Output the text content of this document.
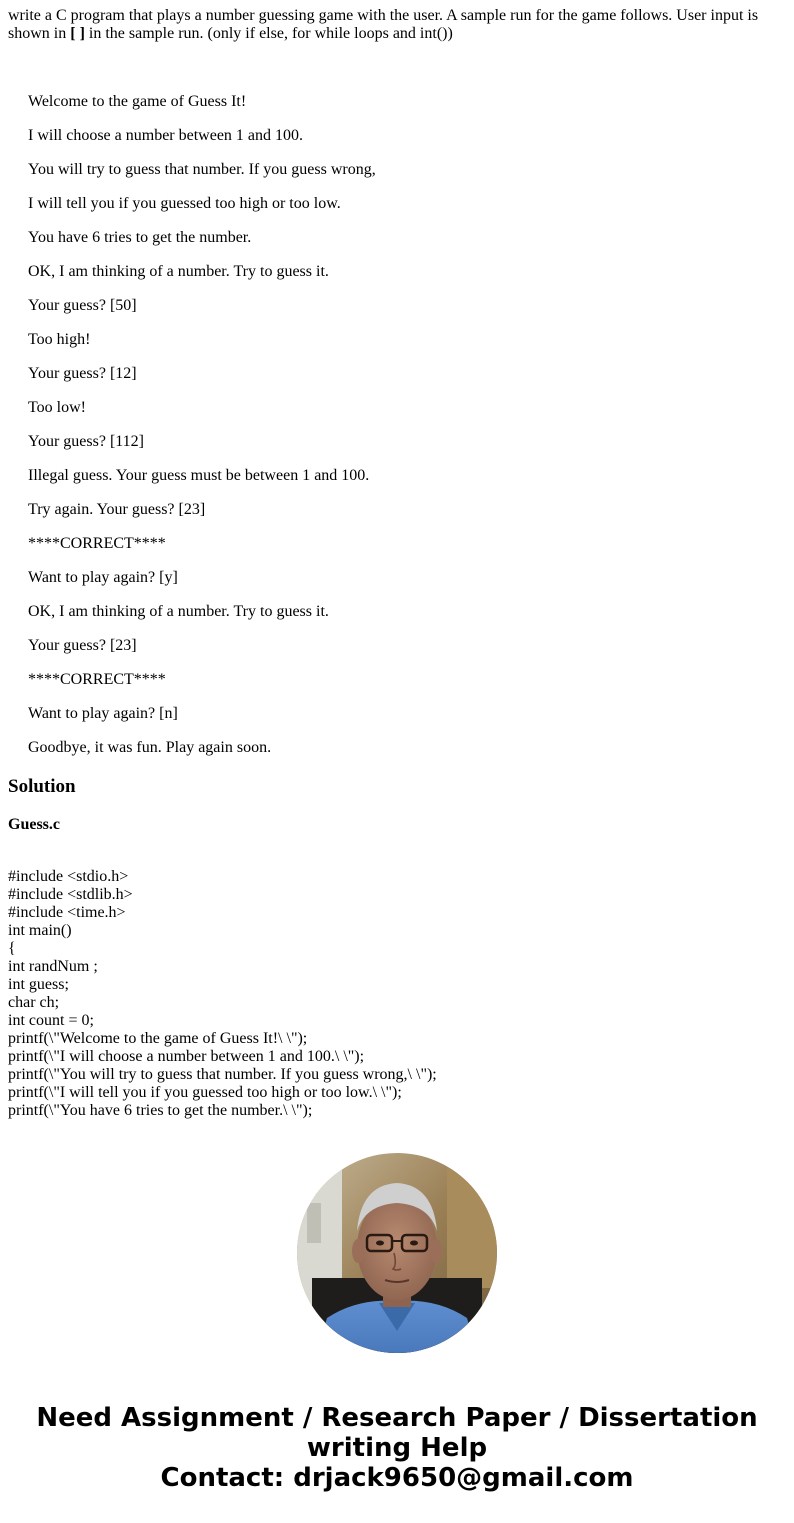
write a C program that plays a number guessing game with the user. A sample run for the game follows. User input is shown in [ ] in the sample run. (only if else, for while loops and int())
Welcome to the game of Guess It!
I will choose a number between 1 and 100.
You will try to guess that number. If you guess wrong,
I will tell you if you guessed too high or too low.
You have 6 tries to get the number.
OK, I am thinking of a number. Try to guess it.
Your guess? [50]
Too high!
Your guess? [12]
Too low!
Your guess? [112]
Illegal guess. Your guess must be between 1 and 100.
Try again. Your guess? [23]
****CORRECT****
Want to play again? [y]
OK, I am thinking of a number. Try to guess it.
Your guess? [23]
****CORRECT****
Want to play again? [n]
Goodbye, it was fun. Play again soon.
Solution
Guess.c
#include <stdio.h>
#include <stdlib.h>
#include <time.h>
int main()
{
int randNum ;
int guess;
char ch;
int count = 0;
printf(\"Welcome to the game of Guess It!\ \");
printf(\"I will choose a number between 1 and 100.\ \");
printf(\"You will try to guess that number. If you guess wrong,\ \");
printf(\"I will tell you if you guessed too high or too low.\ \");
printf(\"You have 6 tries to get the number.\ \");
Need Assignment / Research Paper / Dissertation
writing Help
Contact: drjack9650@gmail.com
